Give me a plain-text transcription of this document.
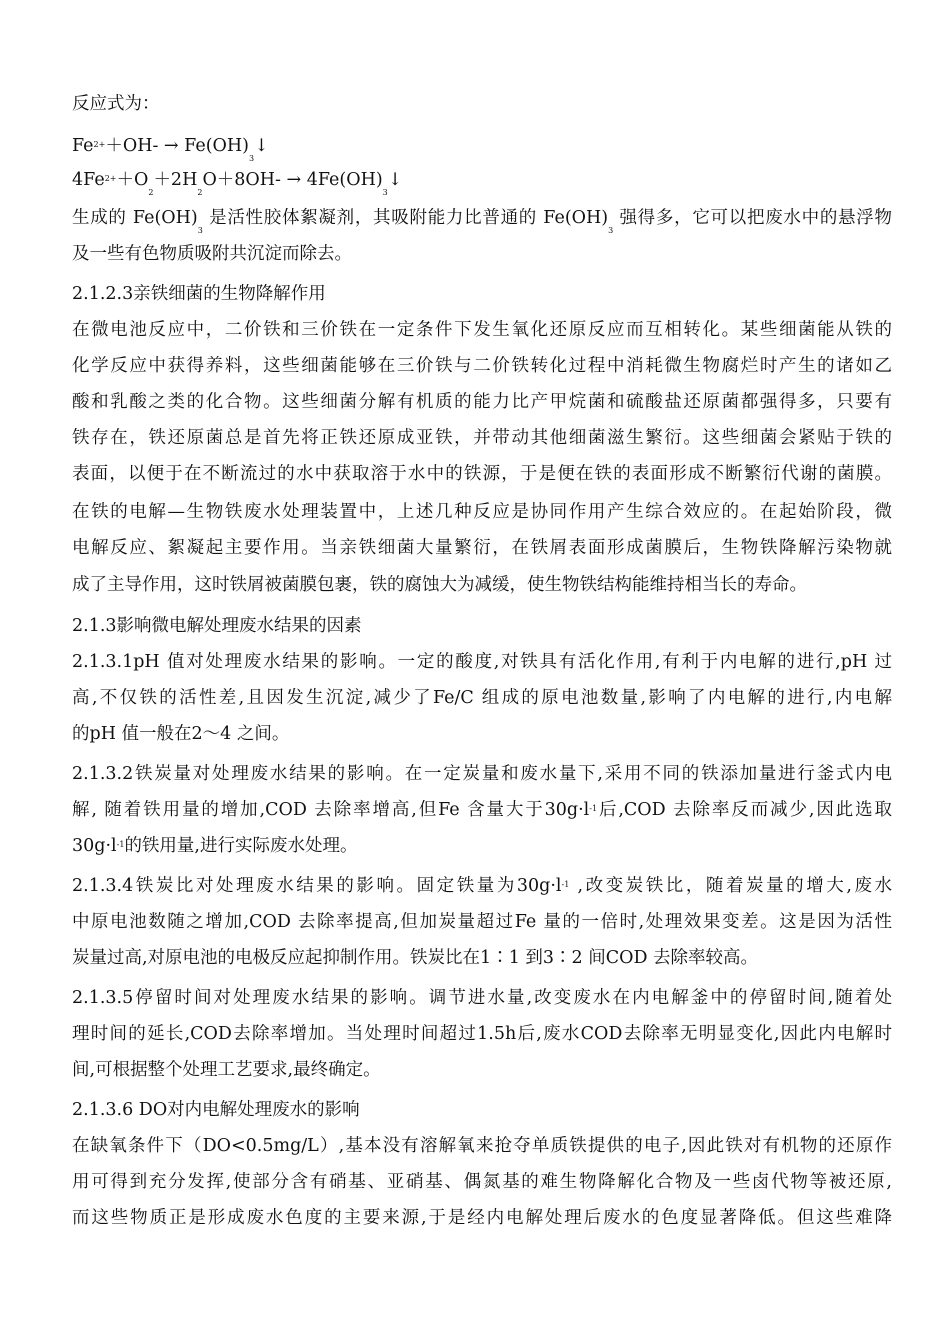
反应式为：
$Fe^{2+}+OH-$ → $Fe(OH)_3↓$
$4Fe^{2+}+O_2+2H_2O+8OH-$ → $4Fe(OH)_3↓$
生成的 $Fe(OH)_3$ 是活性胶体絮凝剂，其吸附能力比普通的 $Fe(OH)_3$ 强得多，它可以把废水中的悬浮物
及一些有色物质吸附共沉淀而除去。
2.1.2.3亲铁细菌的生物降解作用
在微电池反应中，二价铁和三价铁在一定条件下发生氧化还原反应而互相转化。某些细菌能从铁的
化学反应中获得养料，这些细菌能够在三价铁与二价铁转化过程中消耗微生物腐烂时产生的诸如乙
酸和乳酸之类的化合物。这些细菌分解有机质的能力比产甲烷菌和硫酸盐还原菌都强得多，只要有
铁存在，铁还原菌总是首先将正铁还原成亚铁，并带动其他细菌滋生繁衍。这些细菌会紧贴于铁的
表面，以便于在不断流过的水中获取溶于水中的铁源，于是便在铁的表面形成不断繁衍代谢的菌膜。
在铁的电解—生物铁废水处理装置中，上述几种反应是协同作用产生综合效应的。在起始阶段，微
电解反应、絮凝起主要作用。当亲铁细菌大量繁衍，在铁屑表面形成菌膜后，生物铁降解污染物就
成了主导作用，这时铁屑被菌膜包裹，铁的腐蚀大为减缓，使生物铁结构能维持相当长的寿命。
2.1.3影响微电解处理废水结果的因素
2.1.3.1pH 值对处理废水结果的影响。一定的酸度,对铁具有活化作用,有利于内电解的进行,pH 过
高,不仅铁的活性差,且因发生沉淀,减少了Fe/C 组成的原电池数量,影响了内电解的进行,内电解
的pH 值一般在2～4 之间。
2.1.3.2铁炭量对处理废水结果的影响。在一定炭量和废水量下,采用不同的铁添加量进行釜式内电
解, 随着铁用量的增加,COD 去除率增高,但Fe 含量大于$30g\cdot l^{-1}$后,COD 去除率反而减少,因此选取
$30g\cdot l^{-1}$的铁用量,进行实际废水处理。
2.1.3.4铁炭比对处理废水结果的影响。固定铁量为$30g\cdot l^{-1}$ ,改变炭铁比，随着炭量的增大,废水
中原电池数随之增加,COD 去除率提高,但加炭量超过Fe 量的一倍时,处理效果变差。这是因为活性
炭量过高,对原电池的电极反应起抑制作用。铁炭比在1∶1 到3∶2 间COD 去除率较高。
2.1.3.5停留时间对处理废水结果的影响。调节进水量,改变废水在内电解釜中的停留时间,随着处
理时间的延长,COD去除率增加。当处理时间超过1.5h后,废水COD去除率无明显变化,因此内电解时
间,可根据整个处理工艺要求,最终确定。
2.1.3.6 DO对内电解处理废水的影响
在缺氧条件下（DO<0.5mg/L）,基本没有溶解氧来抢夺单质铁提供的电子,因此铁对有机物的还原作
用可得到充分发挥,使部分含有硝基、亚硝基、偶氮基的难生物降解化合物及一些卤代物等被还原,
而这些物质正是形成废水色度的主要来源,于是经内电解处理后废水的色度显著降低。但这些难降
